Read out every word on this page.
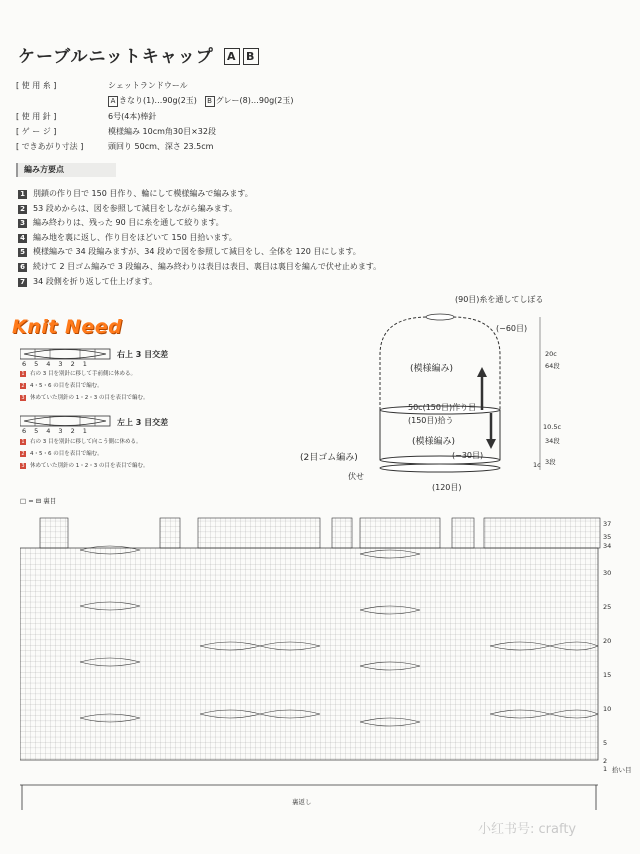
ケーブルニットキャップ A B
[ 使 用 糸 ]	シェットランドウール
A きなり(1)…90g(2玉) B グレー(8)…90g(2玉)
[ 使 用 針 ]	6号(4本)棒針
[ ゲ ー ジ ]	模様編み 10cm角30目×32段
[ できあがり寸法 ]	頭回り 50cm、深さ 23.5cm
編み方要点
1 別鎖の作り目で 150 目作り、輪にして模様編みで編みます。
2 53 段めからは、図を参照して減目をしながら編みます。
3 編み終わりは、残った 90 目に糸を通して絞ります。
4 編み地を裏に返し、作り目をほどいて 150 目拾います。
5 模様編みで 34 段編みますが、34 段めで図を参照して減目をし、全体を 120 目にします。
6 続けて 2 目ゴム編みで 3 段編み、編み終わりは表目は表目、裏目は裏目を編んで伏せ止めます。
7 34 段側を折り返して仕上げます。
Knit Need
654321
右上 3 目交差
1 右の 3 目を別針に移して手前側に休める。
2 4・5・6 の目を表目で編む。
3 休めていた別針の 1・2・3 の目を表目で編む。
654321
左上 3 目交差
1 右の 3 目を別針に移して向こう側に休める。
2 4・5・6 の目を表目で編む。
3 休めていた別針の 1・2・3 の目を表目で編む。
(90目)糸を通してしぼる
(−60目)
(模様編み)
50c(150目)作り目
(150目)拾う
(模様編み)
(2目ゴム編み)	(−30目)
伏せ
(120目)
20c
64段
10.5c
34段
1c 3段
□ = ⊟ 裏目
37
35
34
30
25
20
15
10
5
2
1 拾い目
裏返し
小红书号: crafty
